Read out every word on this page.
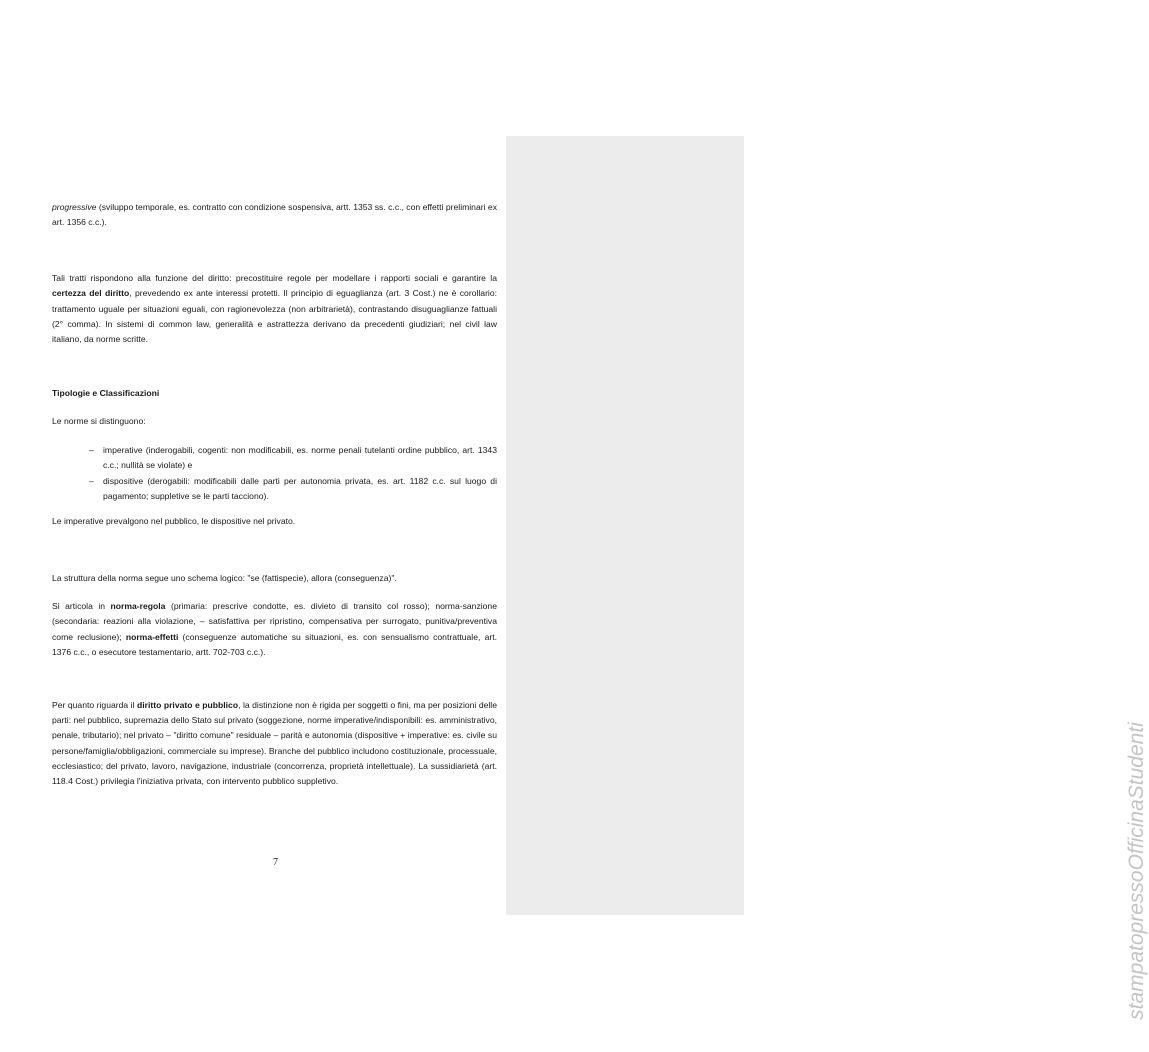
stampatopressoOfficinaStudenti
progressive (sviluppo temporale, es. contratto con condizione sospensiva, artt. 1353 ss. c.c., con effetti preliminari ex art. 1356 c.c.).
Tali tratti rispondono alla funzione del diritto: precostituire regole per modellare i rapporti sociali e garantire la certezza del diritto, prevedendo ex ante interessi protetti. Il principio di eguaglianza (art. 3 Cost.) ne è corollario: trattamento uguale per situazioni eguali, con ragionevolezza (non arbitrarietà), contrastando disuguaglianze fattuali (2° comma). In sistemi di common law, generalità e astrattezza derivano da precedenti giudiziari; nel civil law italiano, da norme scritte.
Tipologie e Classificazioni
Le norme si distinguono:
– imperative (inderogabili, cogenti: non modificabili, es. norme penali tutelanti ordine pubblico, art. 1343 c.c.; nullità se violate) e
– dispositive (derogabili: modificabili dalle parti per autonomia privata, es. art. 1182 c.c. sul luogo di pagamento; suppletive se le parti tacciono).
Le imperative prevalgono nel pubblico, le dispositive nel privato.
La struttura della norma segue uno schema logico: "se (fattispecie), allora (conseguenza)".
Si articola in norma-regola (primaria: prescrive condotte, es. divieto di transito col rosso); norma-sanzione (secondaria: reazioni alla violazione, – satisfattiva per ripristino, compensativa per surrogato, punitiva/preventiva come reclusione); norma-effetti (conseguenze automatiche su situazioni, es. con sensualismo contrattuale, art. 1376 c.c., o esecutore testamentario, artt. 702-703 c.c.).
Per quanto riguarda il diritto privato e pubblico, la distinzione non è rigida per soggetti o fini, ma per posizioni delle parti: nel pubblico, supremazia dello Stato sul privato (soggezione, norme imperative/indisponibili: es. amministrativo, penale, tributario); nel privato – "diritto comune" residuale – parità e autonomia (dispositive + imperative: es. civile su persone/famiglia/obbligazioni, commerciale su imprese). Branche del pubblico includono costituzionale, processuale, ecclesiastico; del privato, lavoro, navigazione, industriale (concorrenza, proprietà intellettuale). La sussidiarietà (art. 118.4 Cost.) privilegia l'iniziativa privata, con intervento pubblico suppletivo.
7
